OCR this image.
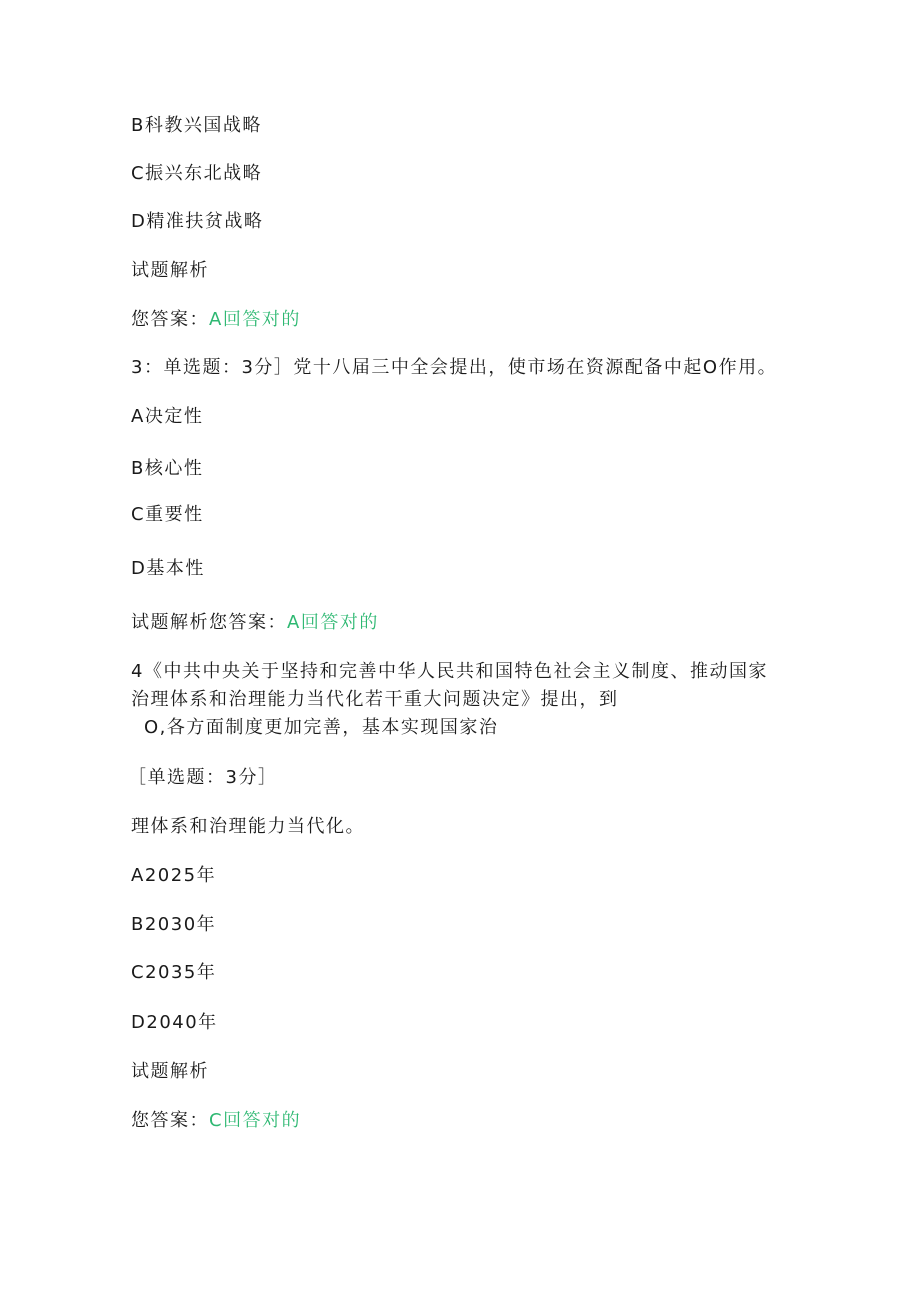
B科教兴国战略
C振兴东北战略
D精准扶贫战略
试题解析
您答案：A回答对的
3：单选题：3分］党十八届三中全会提出，使市场在资源配备中起O作用。
A决定性
B核心性
C重要性
D基本性
试题解析您答案：A回答对的
4《中共中央关于坚持和完善中华人民共和国特色社会主义制度、推动国家
治理体系和治理能力当代化若干重大问题决定》提出，到
O,各方面制度更加完善，基本实现国家治
［单选题：3分］
理体系和治理能力当代化。
A2025年
B2030年
C2035年
D2040年
试题解析
您答案：C回答对的
